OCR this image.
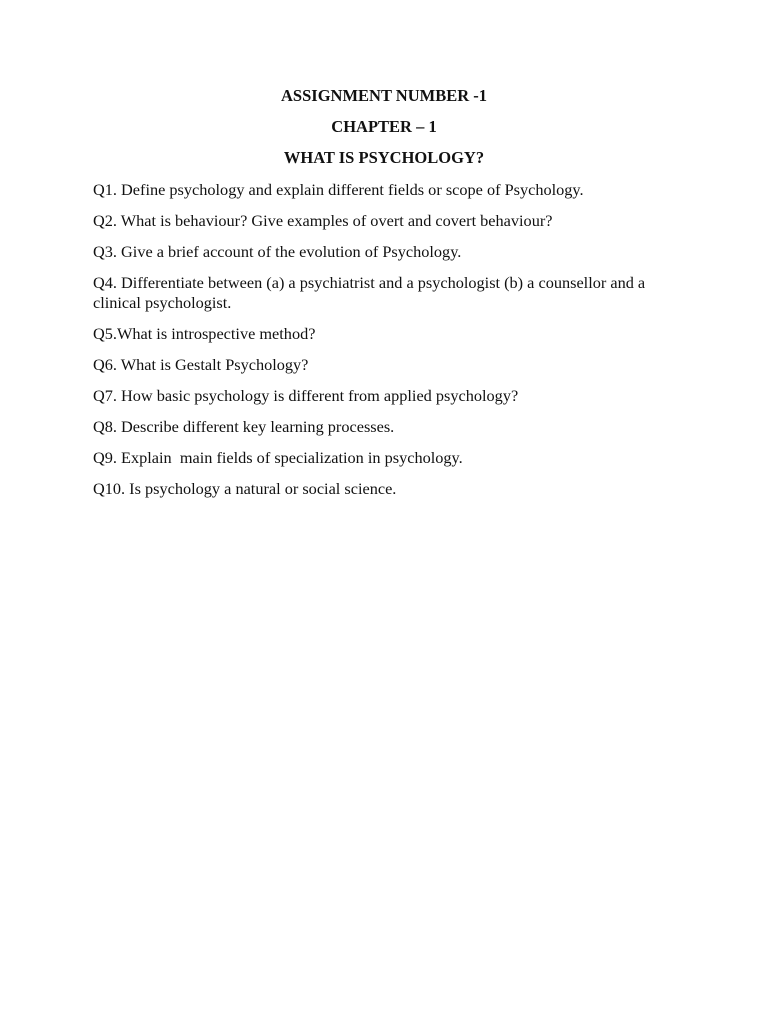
ASSIGNMENT NUMBER -1
CHAPTER – 1
WHAT IS PSYCHOLOGY?
Q1. Define psychology and explain different fields or scope of Psychology.
Q2. What is behaviour? Give examples of overt and covert behaviour?
Q3. Give a brief account of the evolution of Psychology.
Q4. Differentiate between (a) a psychiatrist and a psychologist (b) a counsellor and a clinical psychologist.
Q5.What is introspective method?
Q6. What is Gestalt Psychology?
Q7. How basic psychology is different from applied psychology?
Q8. Describe different key learning processes.
Q9. Explain  main fields of specialization in psychology.
Q10. Is psychology a natural or social science.
